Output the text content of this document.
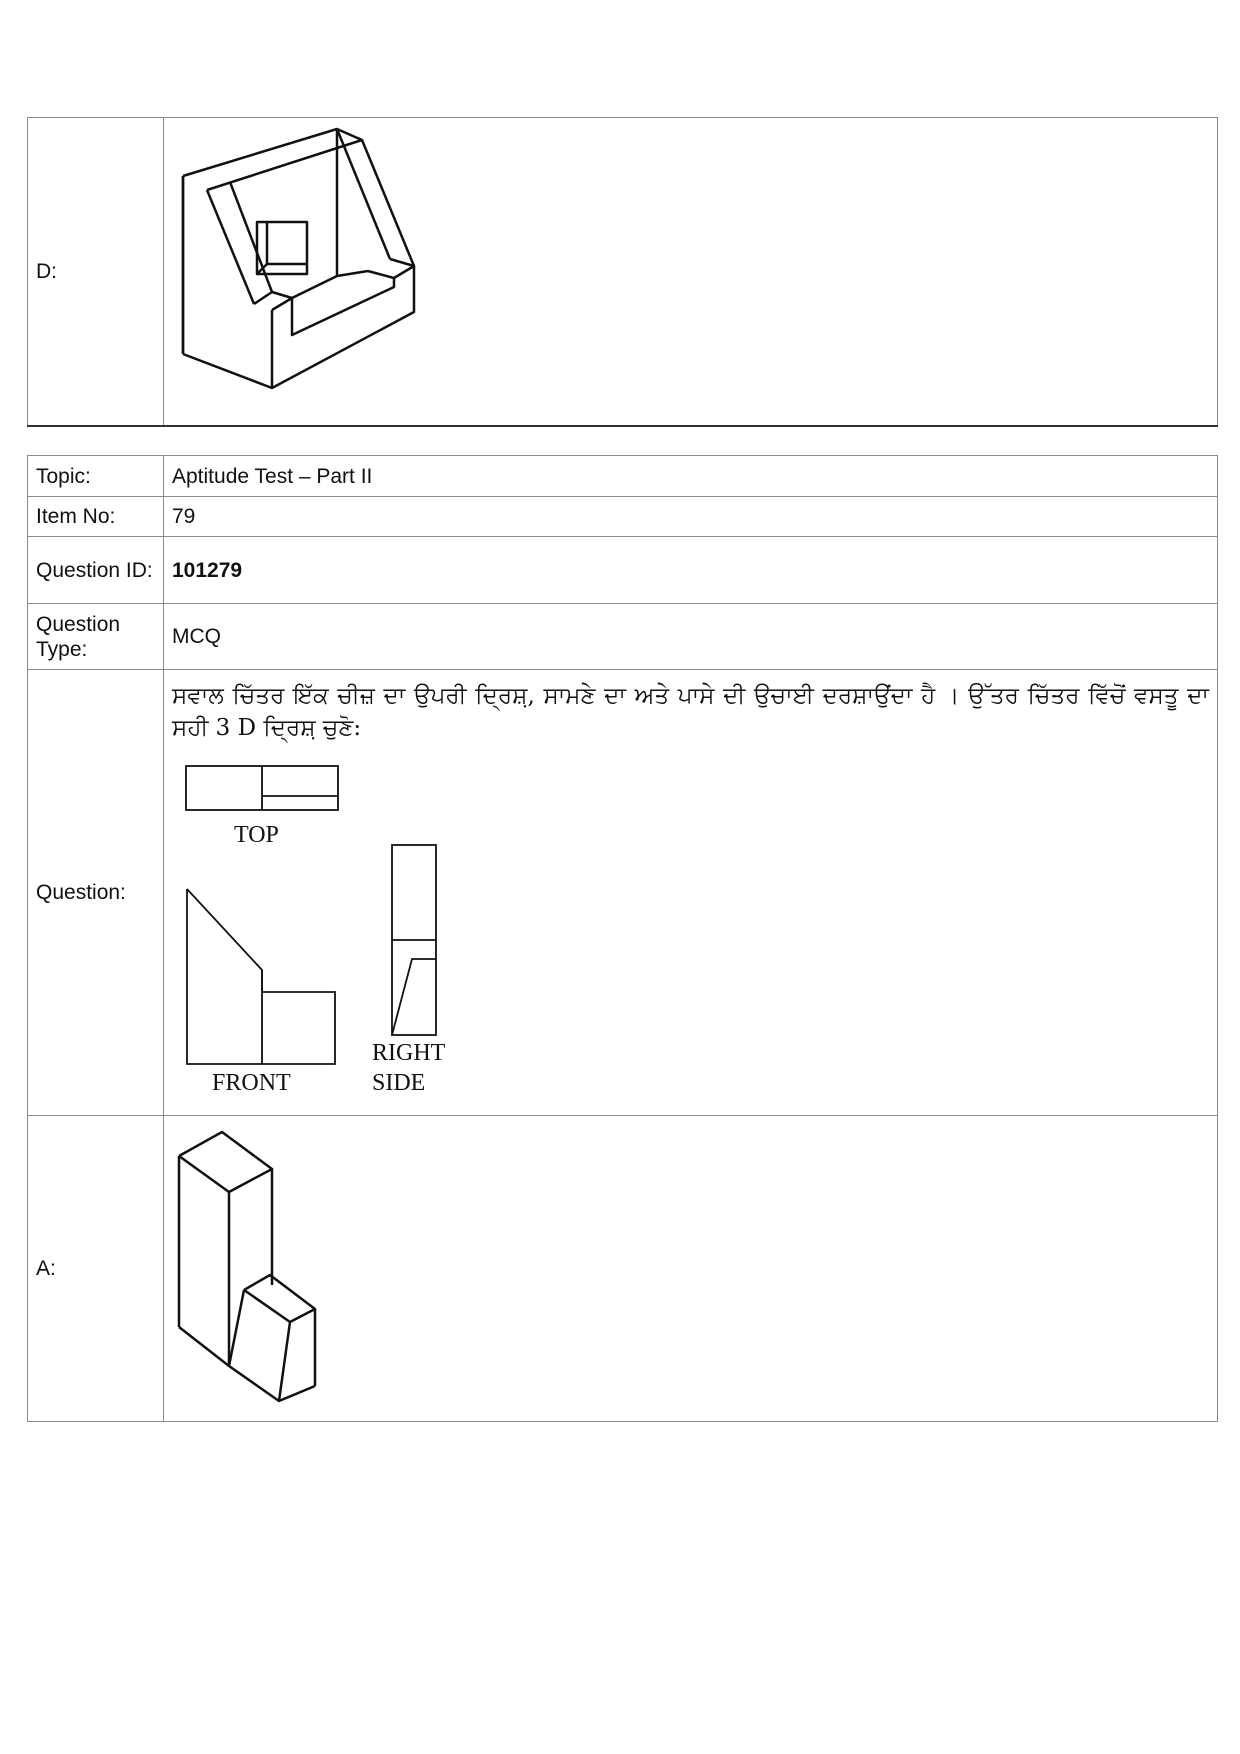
D:	
Topic:	Aptitude Test – Part II
Item No:	79
Question ID:	101279
Question Type:	MCQ
Question:	ਸਵਾਲ ਚਿੱਤਰ ਇੱਕ ਚੀਜ਼ ਦਾ ਉਪਰੀ ਦ੍ਰਿਸ਼਼, ਸਾਮਣੇ ਦਾ ਅਤੇ ਪਾਸੇ ਦੀ ਉਚਾਈ ਦਰਸ਼ਾਉਂਦਾ ਹੈ । ਉੱਤਰ ਚਿੱਤਰ ਵਿੱਚੋਂ ਵਸਤੂ ਦਾ ਸਹੀ 3 D ਦ੍ਰਿਸ਼਼ ਚੁਣੋ:

TOP
FRONT
RIGHT
SIDE

A:	
